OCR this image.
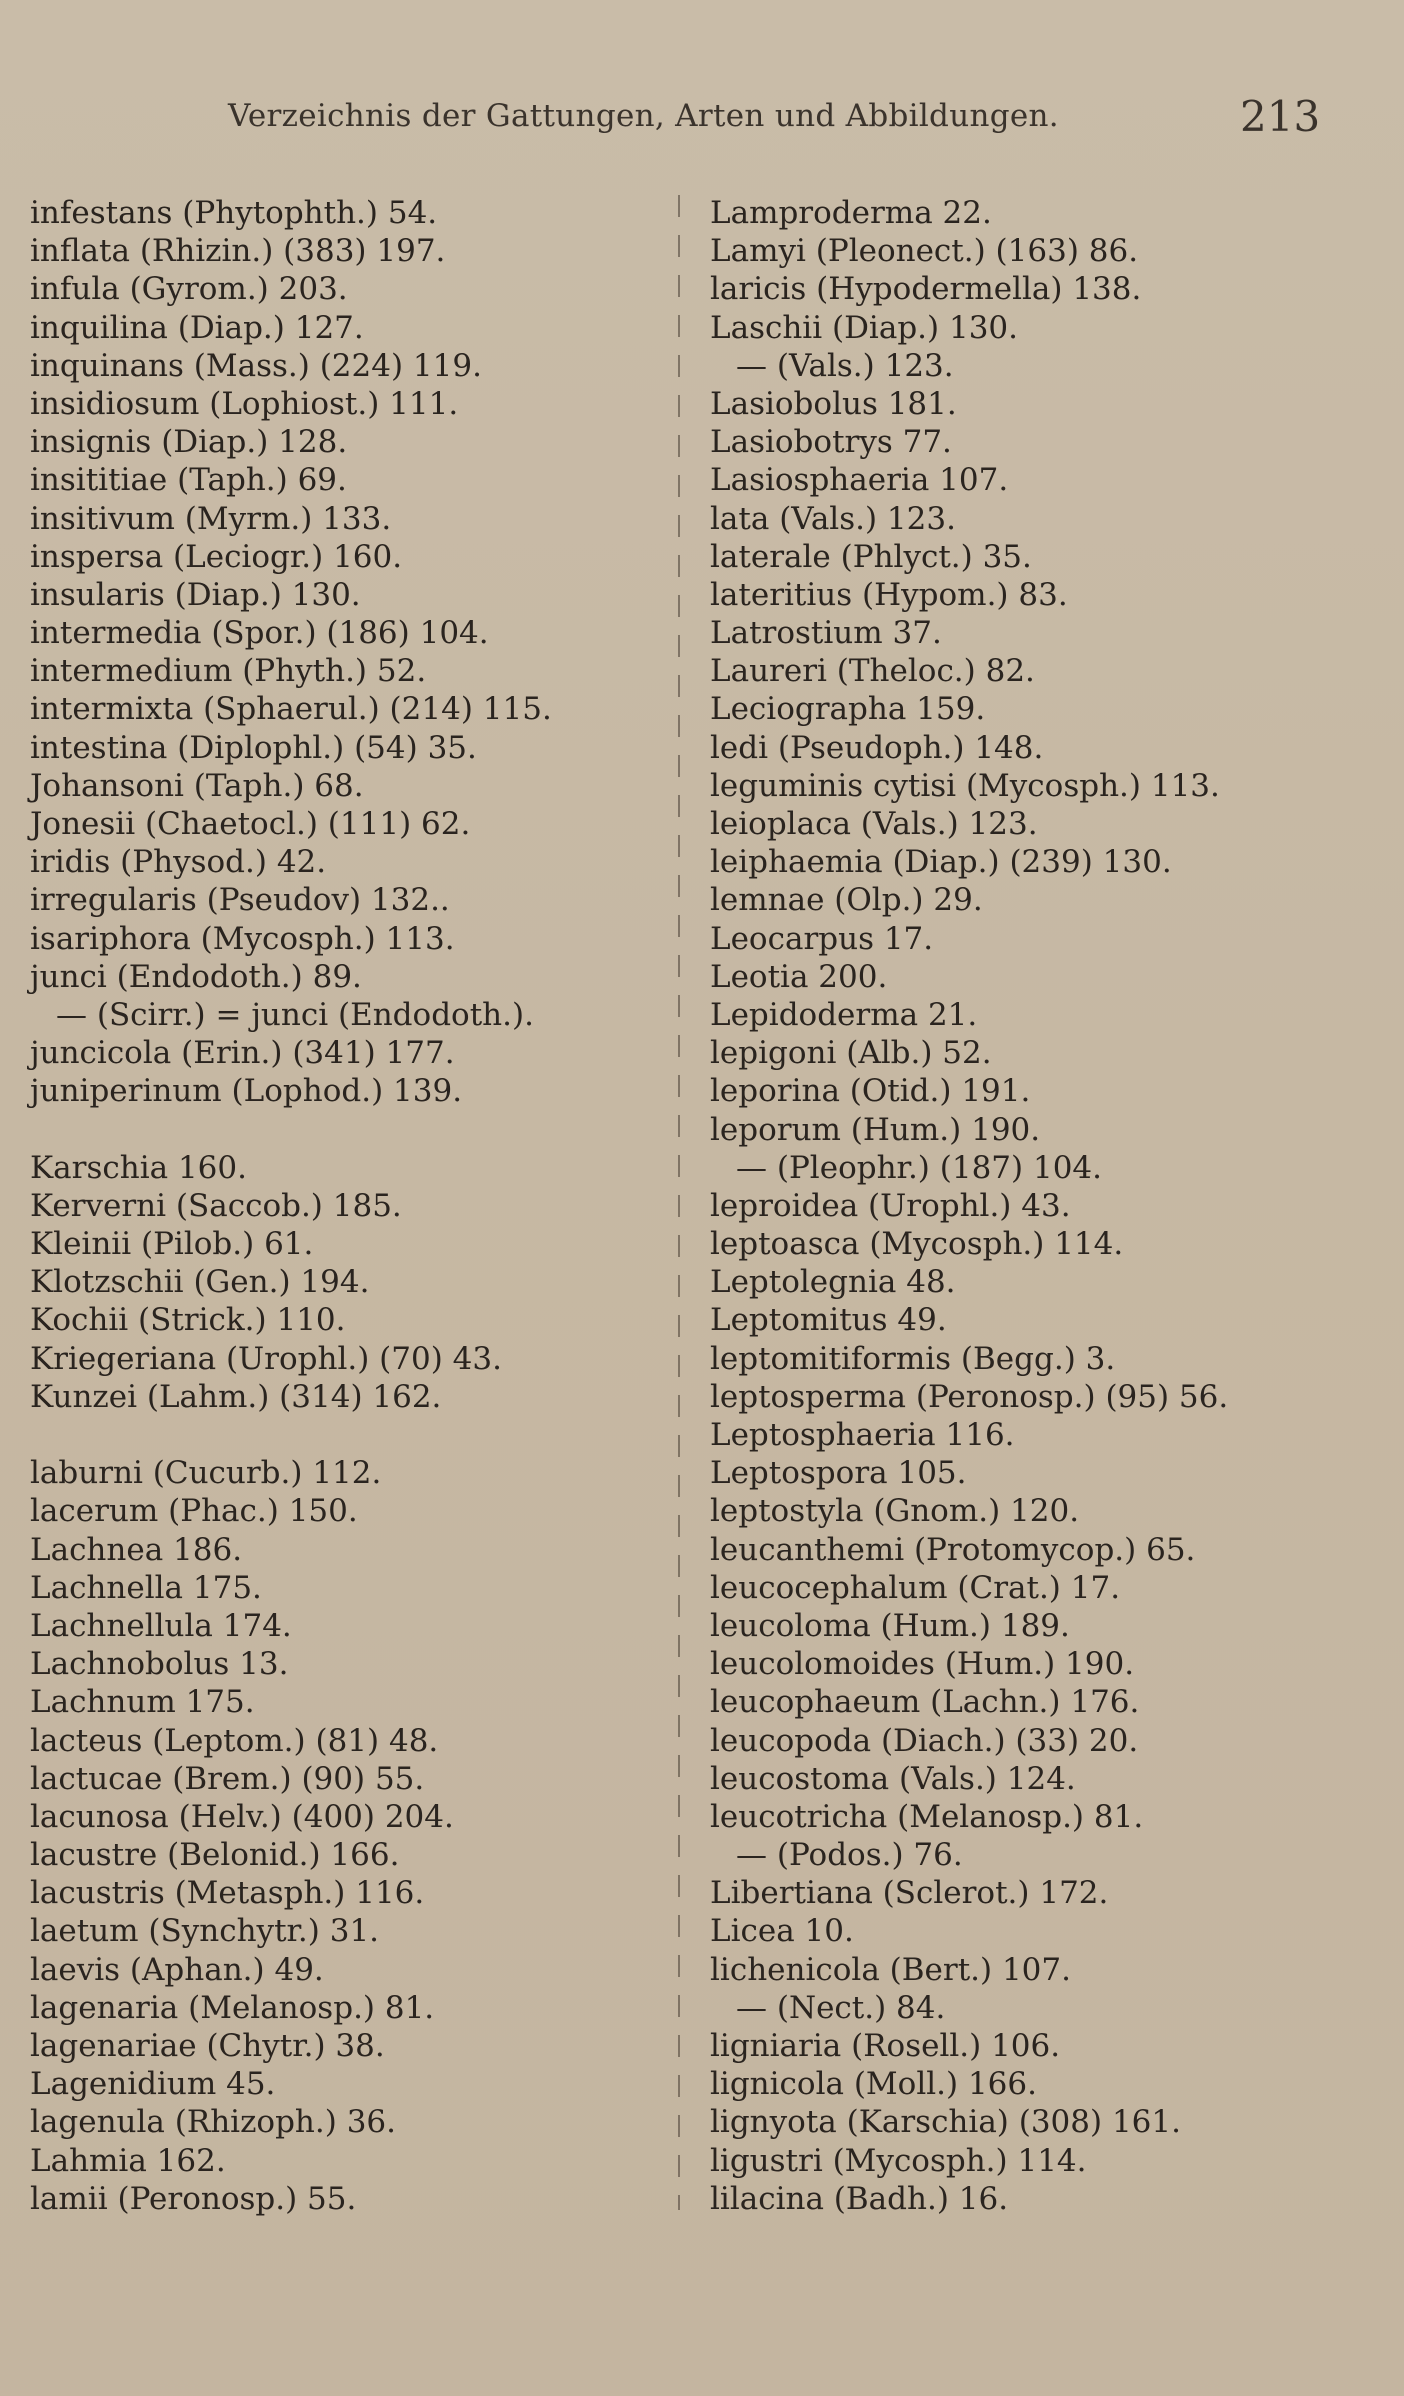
Verzeichnis der Gattungen, Arten und Abbildungen.	213
infestans (Phytophth.) 54.
inflata (Rhizin.) (383) 197.
infula (Gyrom.) 203.
inquilina (Diap.) 127.
inquinans (Mass.) (224) 119.
insidiosum (Lophiost.) 111.
insignis (Diap.) 128.
insititiae (Taph.) 69.
insitivum (Myrm.) 133.
inspersa (Leciogr.) 160.
insularis (Diap.) 130.
intermedia (Spor.) (186) 104.
intermedium (Phyth.) 52.
intermixta (Sphaerul.) (214) 115.
intestina (Diplophl.) (54) 35.
Johansoni (Taph.) 68.
Jonesii (Chaetocl.) (111) 62.
iridis (Physod.) 42.
irregularis (Pseudov) 132..
isariphora (Mycosph.) 113.
junci (Endodoth.) 89.
— (Scirr.) = junci (Endodoth.).
juncicola (Erin.) (341) 177.
juniperinum (Lophod.) 139.
Karschia 160.
Kerverni (Saccob.) 185.
Kleinii (Pilob.) 61.
Klotzschii (Gen.) 194.
Kochii (Strick.) 110.
Kriegeriana (Urophl.) (70) 43.
Kunzei (Lahm.) (314) 162.
laburni (Cucurb.) 112.
lacerum (Phac.) 150.
Lachnea 186.
Lachnella 175.
Lachnellula 174.
Lachnobolus 13.
Lachnum 175.
lacteus (Leptom.) (81) 48.
lactucae (Brem.) (90) 55.
lacunosa (Helv.) (400) 204.
lacustre (Belonid.) 166.
lacustris (Metasph.) 116.
laetum (Synchytr.) 31.
laevis (Aphan.) 49.
lagenaria (Melanosp.) 81.
lagenariae (Chytr.) 38.
Lagenidium 45.
lagenula (Rhizoph.) 36.
Lahmia 162.
lamii (Peronosp.) 55.
Lamproderma 22.
Lamyi (Pleonect.) (163) 86.
laricis (Hypodermella) 138.
Laschii (Diap.) 130.
— (Vals.) 123.
Lasiobolus 181.
Lasiobotrys 77.
Lasiosphaeria 107.
lata (Vals.) 123.
laterale (Phlyct.) 35.
lateritius (Hypom.) 83.
Latrostium 37.
Laureri (Theloc.) 82.
Leciographa 159.
ledi (Pseudoph.) 148.
leguminis cytisi (Mycosph.) 113.
leioplaca (Vals.) 123.
leiphaemia (Diap.) (239) 130.
lemnae (Olp.) 29.
Leocarpus 17.
Leotia 200.
Lepidoderma 21.
lepigoni (Alb.) 52.
leporina (Otid.) 191.
leporum (Hum.) 190.
— (Pleophr.) (187) 104.
leproidea (Urophl.) 43.
leptoasca (Mycosph.) 114.
Leptolegnia 48.
Leptomitus 49.
leptomitiformis (Begg.) 3.
leptosperma (Peronosp.) (95) 56.
Leptosphaeria 116.
Leptospora 105.
leptostyla (Gnom.) 120.
leucanthemi (Protomycop.) 65.
leucocephalum (Crat.) 17.
leucoloma (Hum.) 189.
leucolomoides (Hum.) 190.
leucophaeum (Lachn.) 176.
leucopoda (Diach.) (33) 20.
leucostoma (Vals.) 124.
leucotricha (Melanosp.) 81.
— (Podos.) 76.
Libertiana (Sclerot.) 172.
Licea 10.
lichenicola (Bert.) 107.
— (Nect.) 84.
ligniaria (Rosell.) 106.
lignicola (Moll.) 166.
lignyota (Karschia) (308) 161.
ligustri (Mycosph.) 114.
lilacina (Badh.) 16.
